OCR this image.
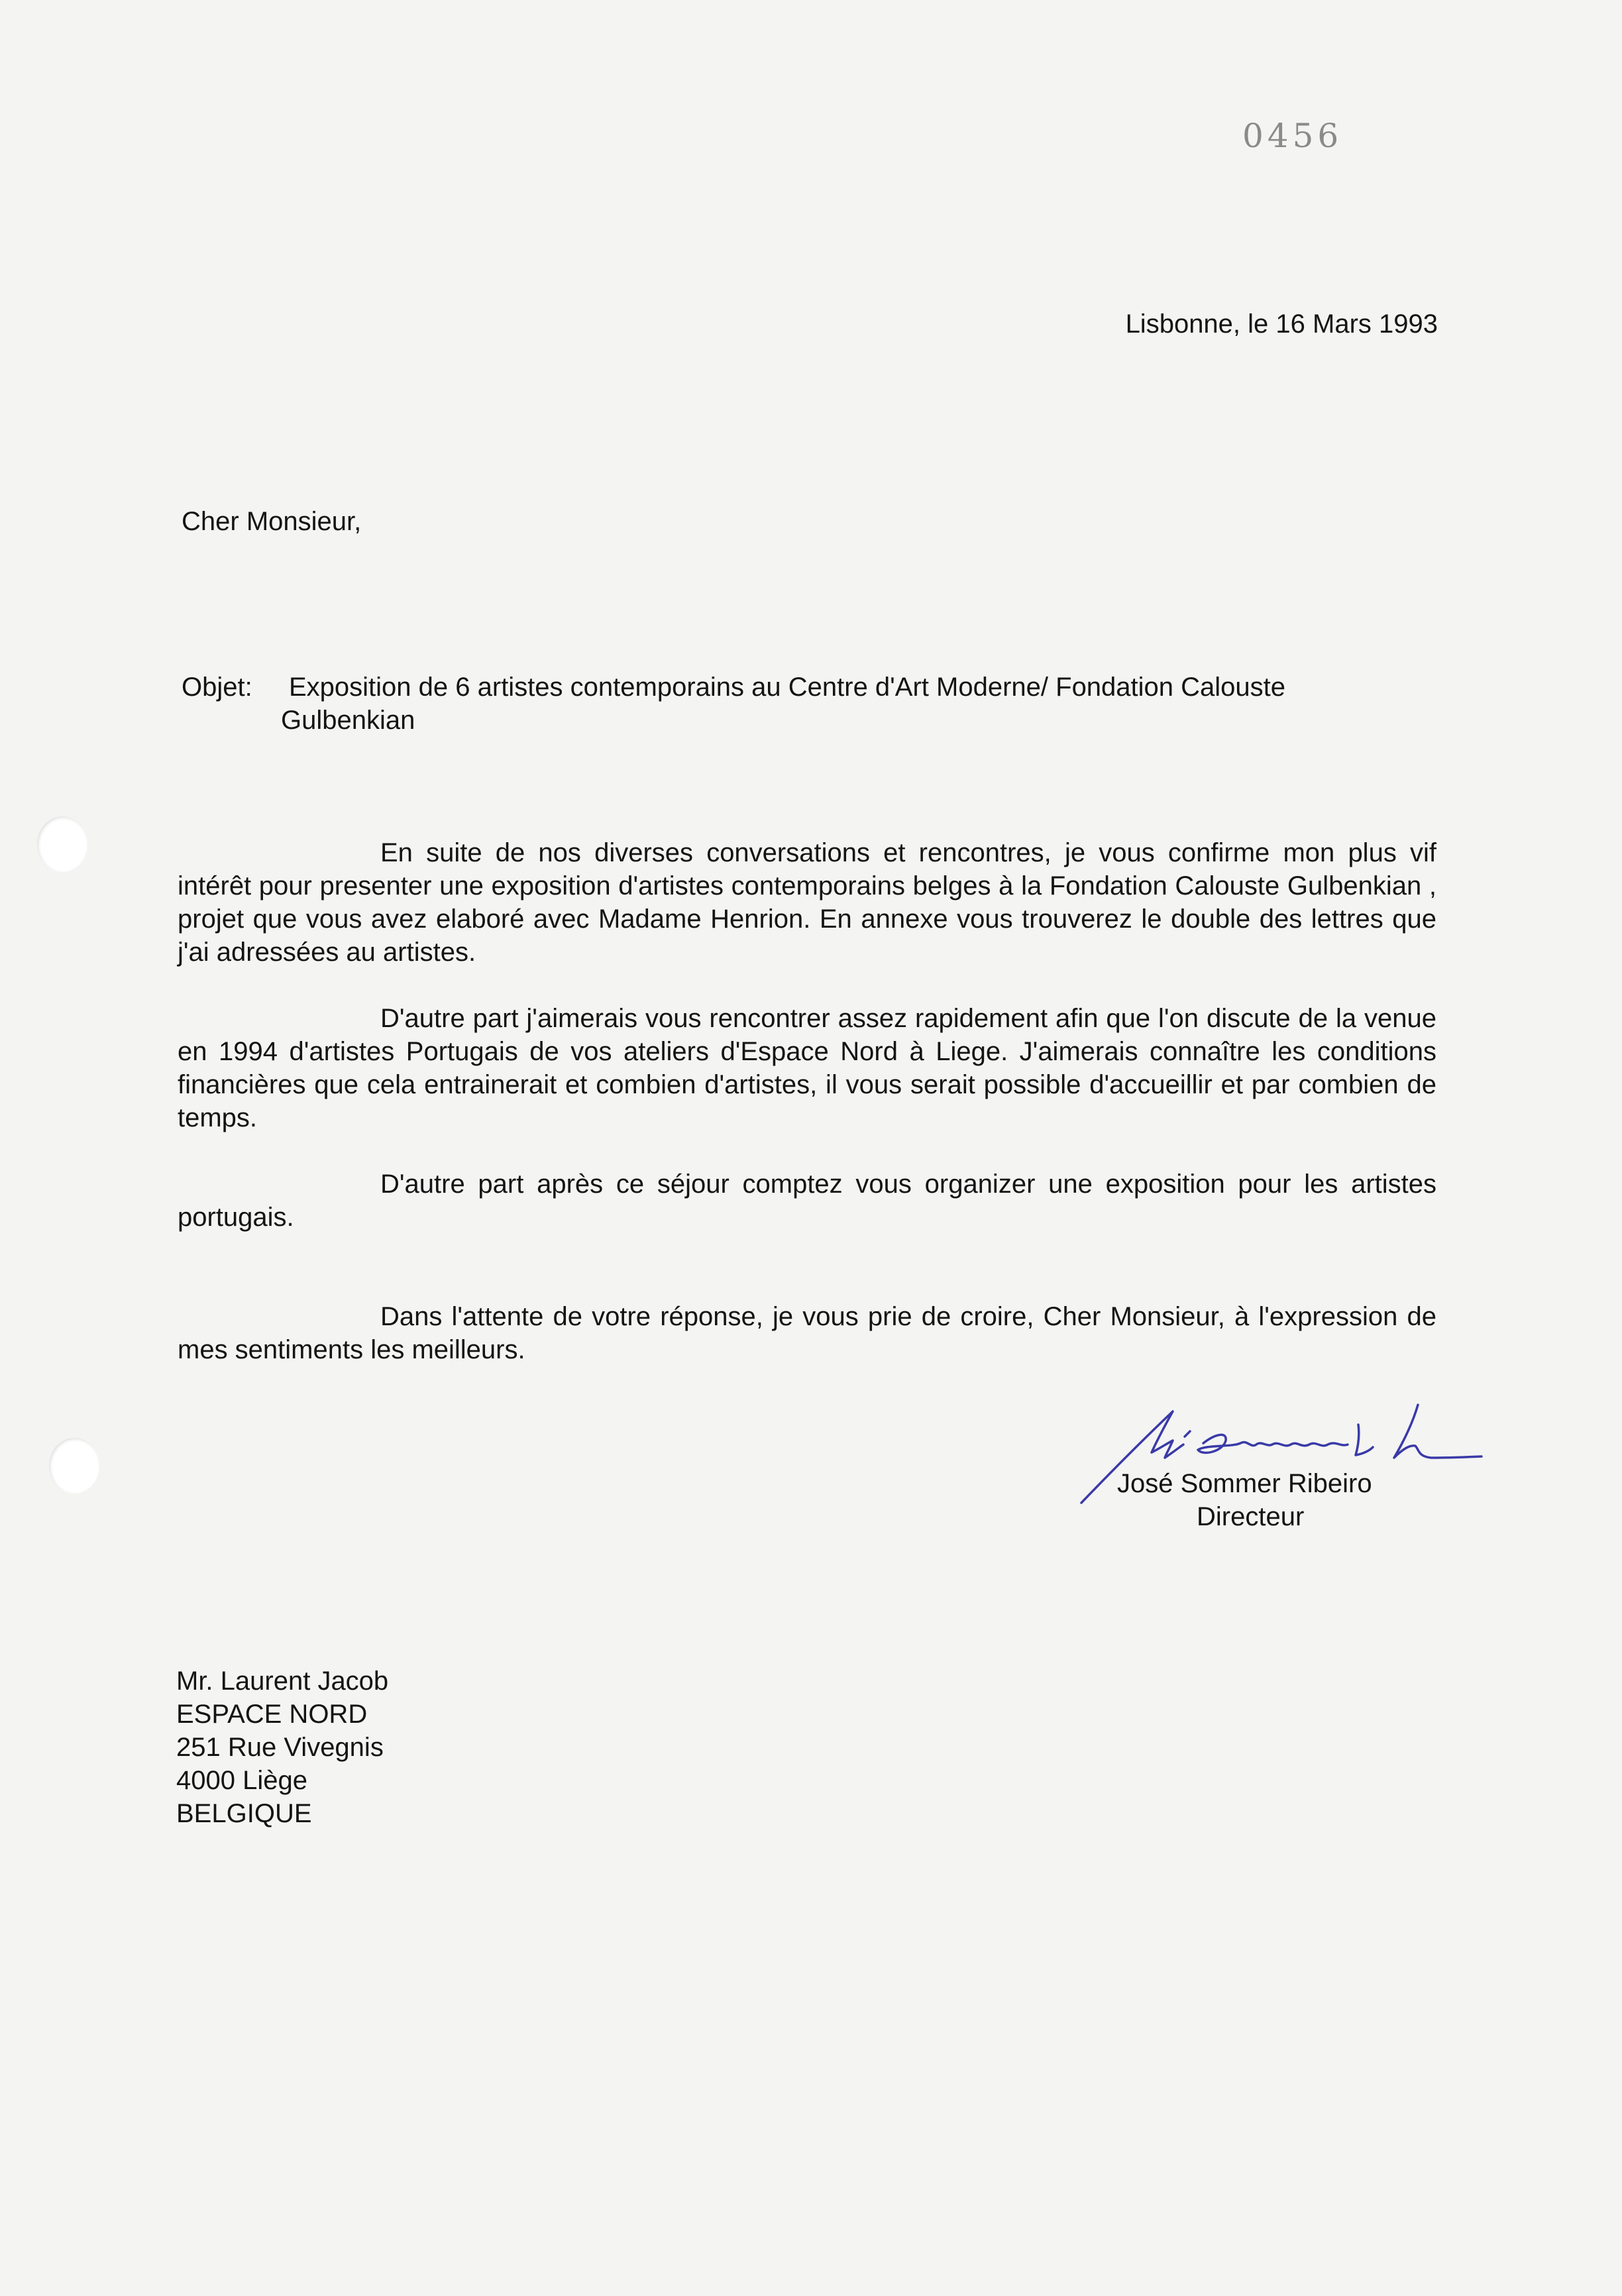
0456
Lisbonne, le 16 Mars 1993
Cher Monsieur,
Objet: Exposition de 6 artistes contemporains au Centre d'Art Moderne/ Fondation Calouste
Gulbenkian

En suite de nos diverses conversations et rencontres, je vous confirme mon plus vif intérêt pour presenter une exposition d'artistes contemporains belges à la Fondation Calouste Gulbenkian , projet que vous avez elaboré avec Madame Henrion. En annexe vous trouverez le double des lettres que j'ai adressées au artistes.

D'autre part j'aimerais vous rencontrer assez rapidement afin que l'on discute de la venue en 1994 d'artistes Portugais de vos ateliers d'Espace Nord à Liege. J'aimerais connaître les conditions financières que cela entrainerait et combien d'artistes, il vous serait possible d'accueillir et par combien de temps.

D'autre part après ce séjour comptez vous organizer une exposition pour les artistes portugais.

Dans l'attente de votre réponse, je vous prie de croire, Cher Monsieur, à l'expression de mes sentiments les meilleurs.

José Sommer Ribeiro
Directeur
Mr. Laurent Jacob
ESPACE NORD
251 Rue Vivegnis
4000 Liège
BELGIQUE
